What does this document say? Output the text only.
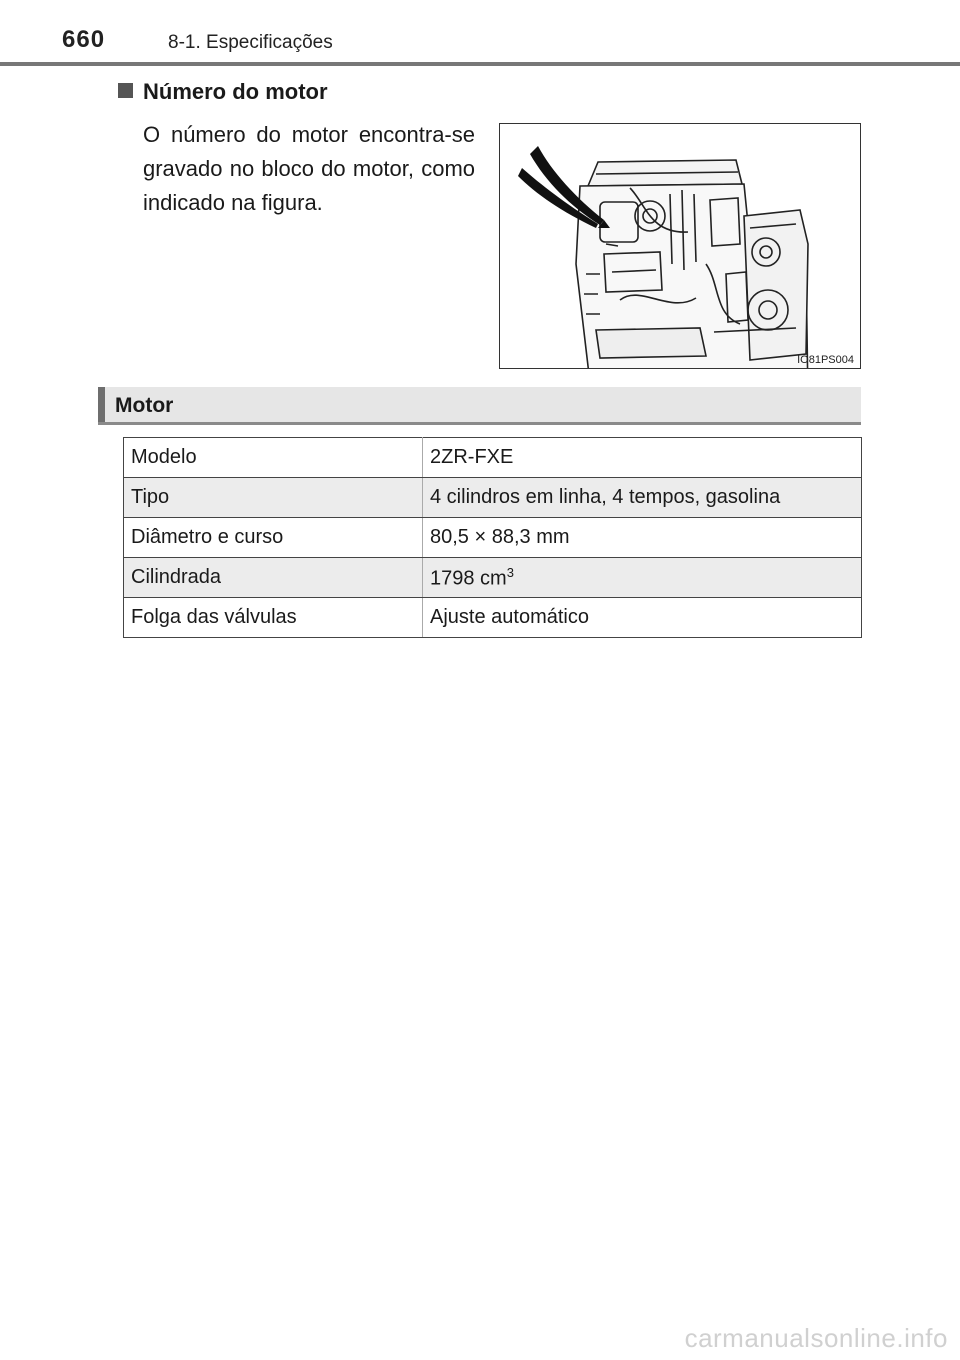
660	8-1. Especificações
Número do motor
O número do motor encontra-se gravado no bloco do motor, como indicado na figura.
IO81PS004
Motor
Modelo	2ZR-FXE
Tipo	4 cilindros em linha, 4 tempos, gasolina
Diâmetro e curso	80,5 × 88,3 mm
Cilindrada	1798 $cm^3$
Folga das válvulas	Ajuste automático
carmanualsonline.info
